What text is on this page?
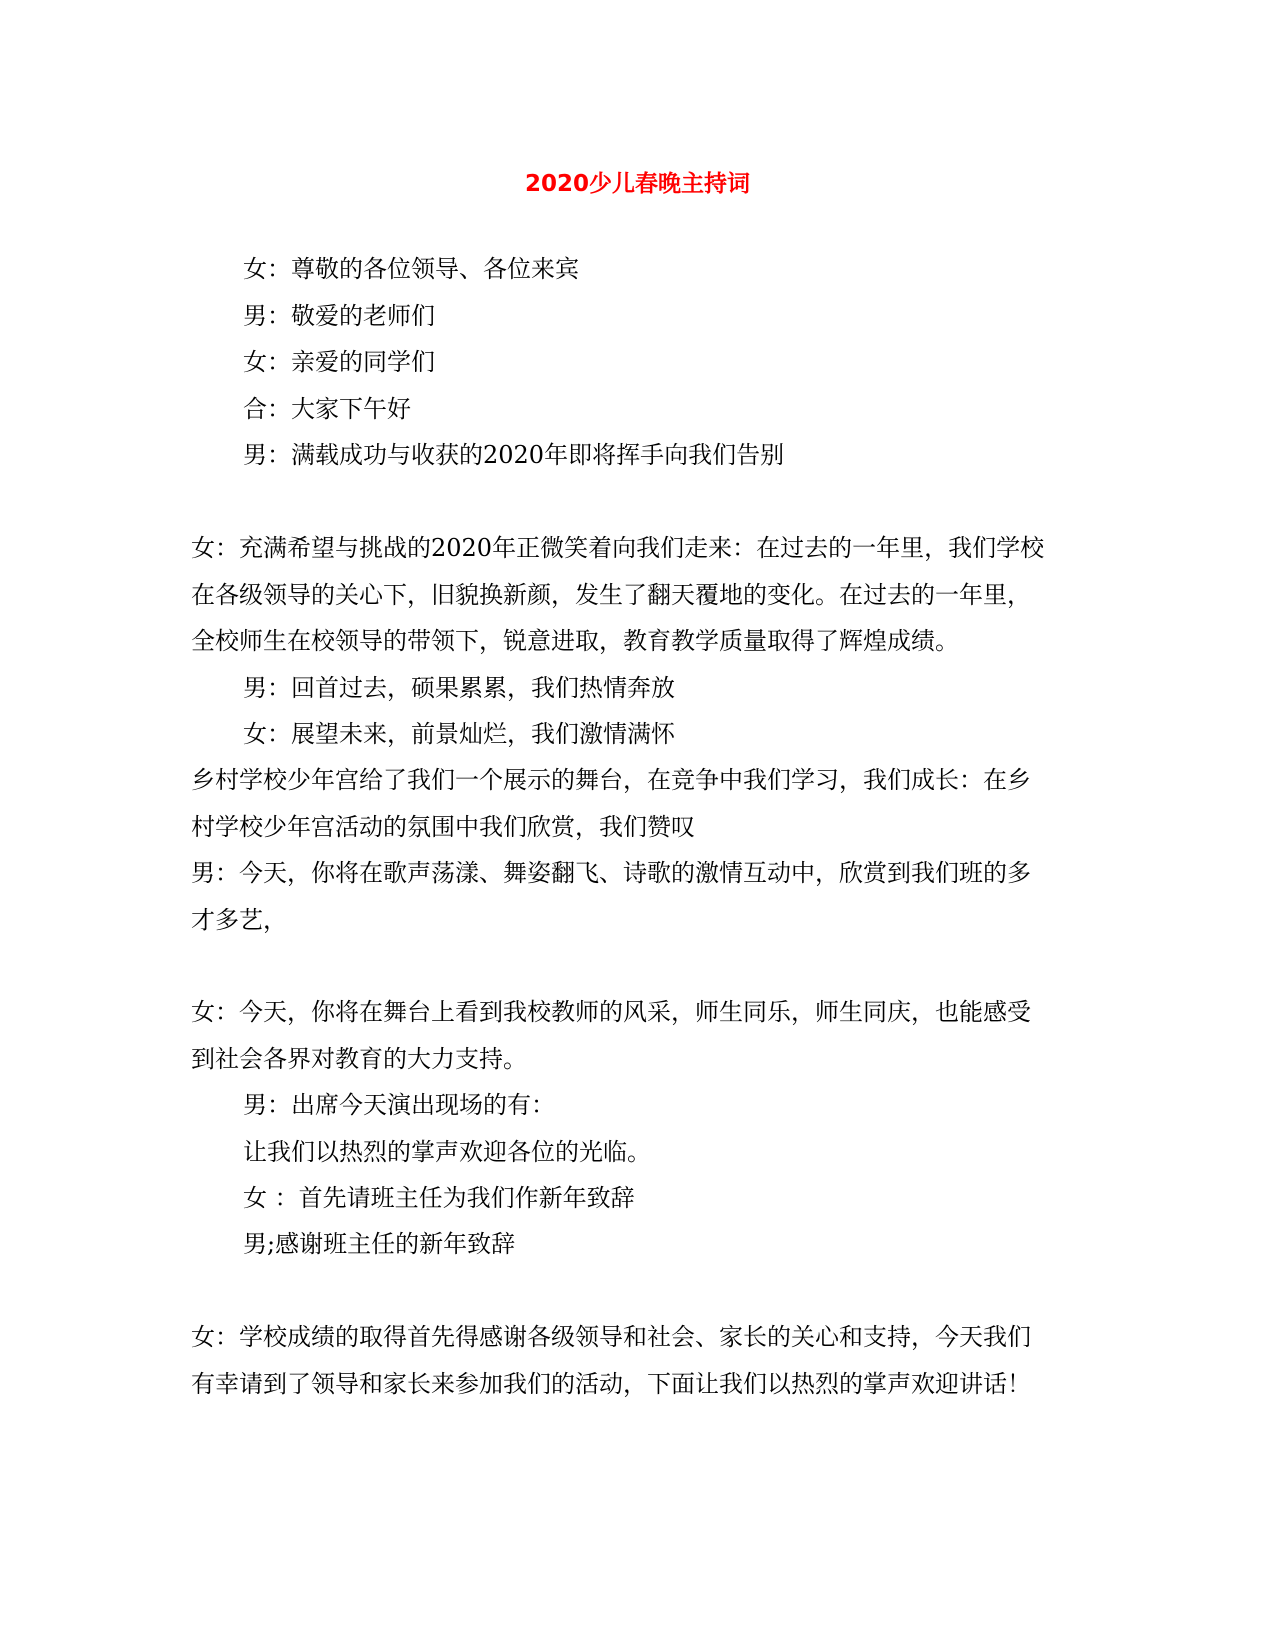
2020少儿春晚主持词
女：尊敬的各位领导、各位来宾
男：敬爱的老师们
女：亲爱的同学们
合：大家下午好
男：满载成功与收获的2020年即将挥手向我们告别
女：充满希望与挑战的2020年正微笑着向我们走来：在过去的一年里，我们学校
在各级领导的关心下，旧貌换新颜，发生了翻天覆地的变化。在过去的一年里，
全校师生在校领导的带领下，锐意进取，教育教学质量取得了辉煌成绩。
男：回首过去，硕果累累，我们热情奔放
女：展望未来，前景灿烂，我们激情满怀
乡村学校少年宫给了我们一个展示的舞台，在竞争中我们学习，我们成长：在乡
村学校少年宫活动的氛围中我们欣赏，我们赞叹
男：今天，你将在歌声荡漾、舞姿翻飞、诗歌的激情互动中，欣赏到我们班的多
才多艺，
女：今天，你将在舞台上看到我校教师的风采，师生同乐，师生同庆，也能感受
到社会各界对教育的大力支持。
男：出席今天演出现场的有：
让我们以热烈的掌声欢迎各位的光临。
女 ：首先请班主任为我们作新年致辞
男;感谢班主任的新年致辞
女：学校成绩的取得首先得感谢各级领导和社会、家长的关心和支持，今天我们
有幸请到了领导和家长来参加我们的活动，下面让我们以热烈的掌声欢迎讲话！
